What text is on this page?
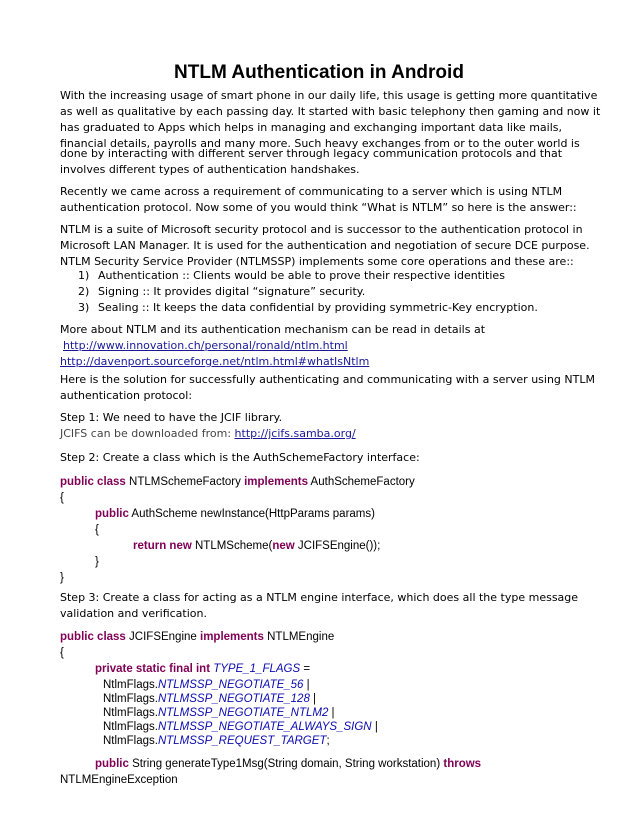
NTLM Authentication in Android
With the increasing usage of smart phone in our daily life, this usage is getting more quantitative
as well as qualitative by each passing day. It started with basic telephony then gaming and now it
has graduated to Apps which helps in managing and exchanging important data like mails,
financial details, payrolls and many more. Such heavy exchanges from or to the outer world is
done by interacting with different server through legacy communication protocols and that
involves different types of authentication handshakes.
Recently we came across a requirement of communicating to a server which is using NTLM
authentication protocol. Now some of you would think “What is NTLM” so here is the answer::
NTLM is a suite of Microsoft security protocol and is successor to the authentication protocol in
Microsoft LAN Manager. It is used for the authentication and negotiation of secure DCE purpose.
NTLM Security Service Provider (NTLMSSP) implements some core operations and these are::
1) Authentication :: Clients would be able to prove their respective identities
2) Signing :: It provides digital “signature” security.
3) Sealing :: It keeps the data confidential by providing symmetric-Key encryption.
More about NTLM and its authentication mechanism can be read in details at
http://www.innovation.ch/personal/ronald/ntlm.html
http://davenport.sourceforge.net/ntlm.html#whatIsNtlm
Here is the solution for successfully authenticating and communicating with a server using NTLM
authentication protocol:
Step 1: We need to have the JCIF library.
JCIFS can be downloaded from: http://jcifs.samba.org/
Step 2: Create a class which is the AuthSchemeFactory interface:
public class NTLMSchemeFactory implements AuthSchemeFactory
{
public AuthScheme newInstance(HttpParams params)
{
return new NTLMScheme(new JCIFSEngine());
}
}
Step 3: Create a class for acting as a NTLM engine interface, which does all the type message
validation and verification.
public class JCIFSEngine implements NTLMEngine
{
private static final int TYPE_1_FLAGS =
NtlmFlags.NTLMSSP_NEGOTIATE_56 |
NtlmFlags.NTLMSSP_NEGOTIATE_128 |
NtlmFlags.NTLMSSP_NEGOTIATE_NTLM2 |
NtlmFlags.NTLMSSP_NEGOTIATE_ALWAYS_SIGN |
NtlmFlags.NTLMSSP_REQUEST_TARGET;
public String generateType1Msg(String domain, String workstation) throws
NTLMEngineException
